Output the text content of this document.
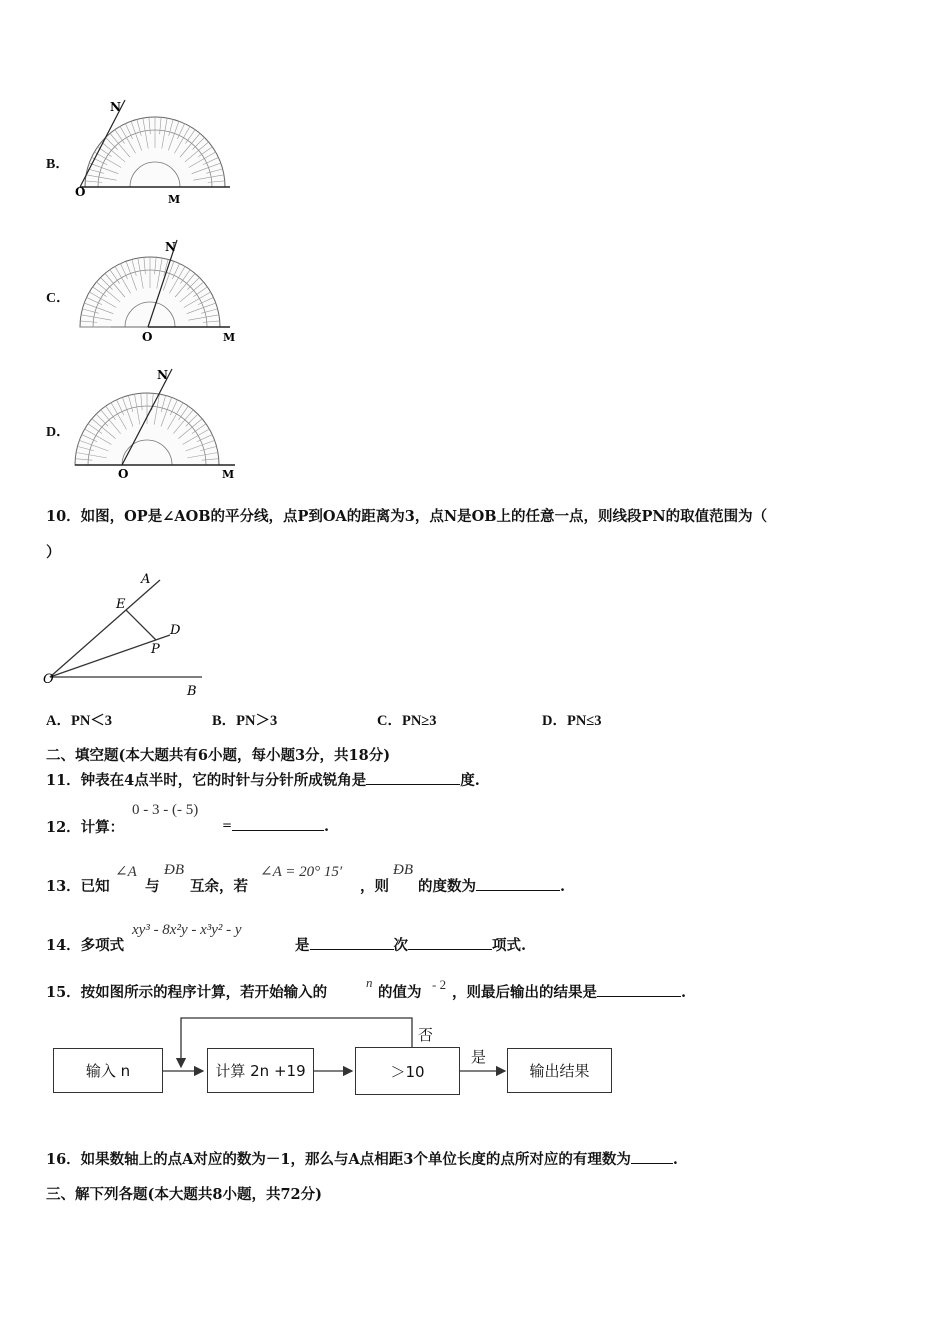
B．
O
M
N
C．
O	M
N
D．
O	M
N
10．如图，OP是∠AOB的平分线，点P到OA的距离为3，点N是OB上的任意一点，则线段PN的取值范围为（
）
A
E
D
P
O
B
A．PN＜3	B．PN＞3	C．PN≥3	D．PN≤3
二、填空题(本大题共有6小题，每小题3分，共18分)
11．钟表在4点半时，它的时针与分针所成锐角是	度.
12．计算：
0 - 3 - (- 5)
=	.
13．已知
∠A
与
ÐB
互余，若
∠A = 20° 15′
，则
ÐB
的度数为	.
14．多项式
xy³ - 8x²y - x³y² - y
是	次	项式.
15．按如图所示的程序计算，若开始输入的
n
的值为 - 2 ，则最后输出的结果是	.
输入 n	计算 2n +19	＞10	输出结果
否
是
16．如果数轴上的点A对应的数为－1，那么与A点相距3个单位长度的点所对应的有理数为	.
三、解下列各题(本大题共8小题，共72分)
